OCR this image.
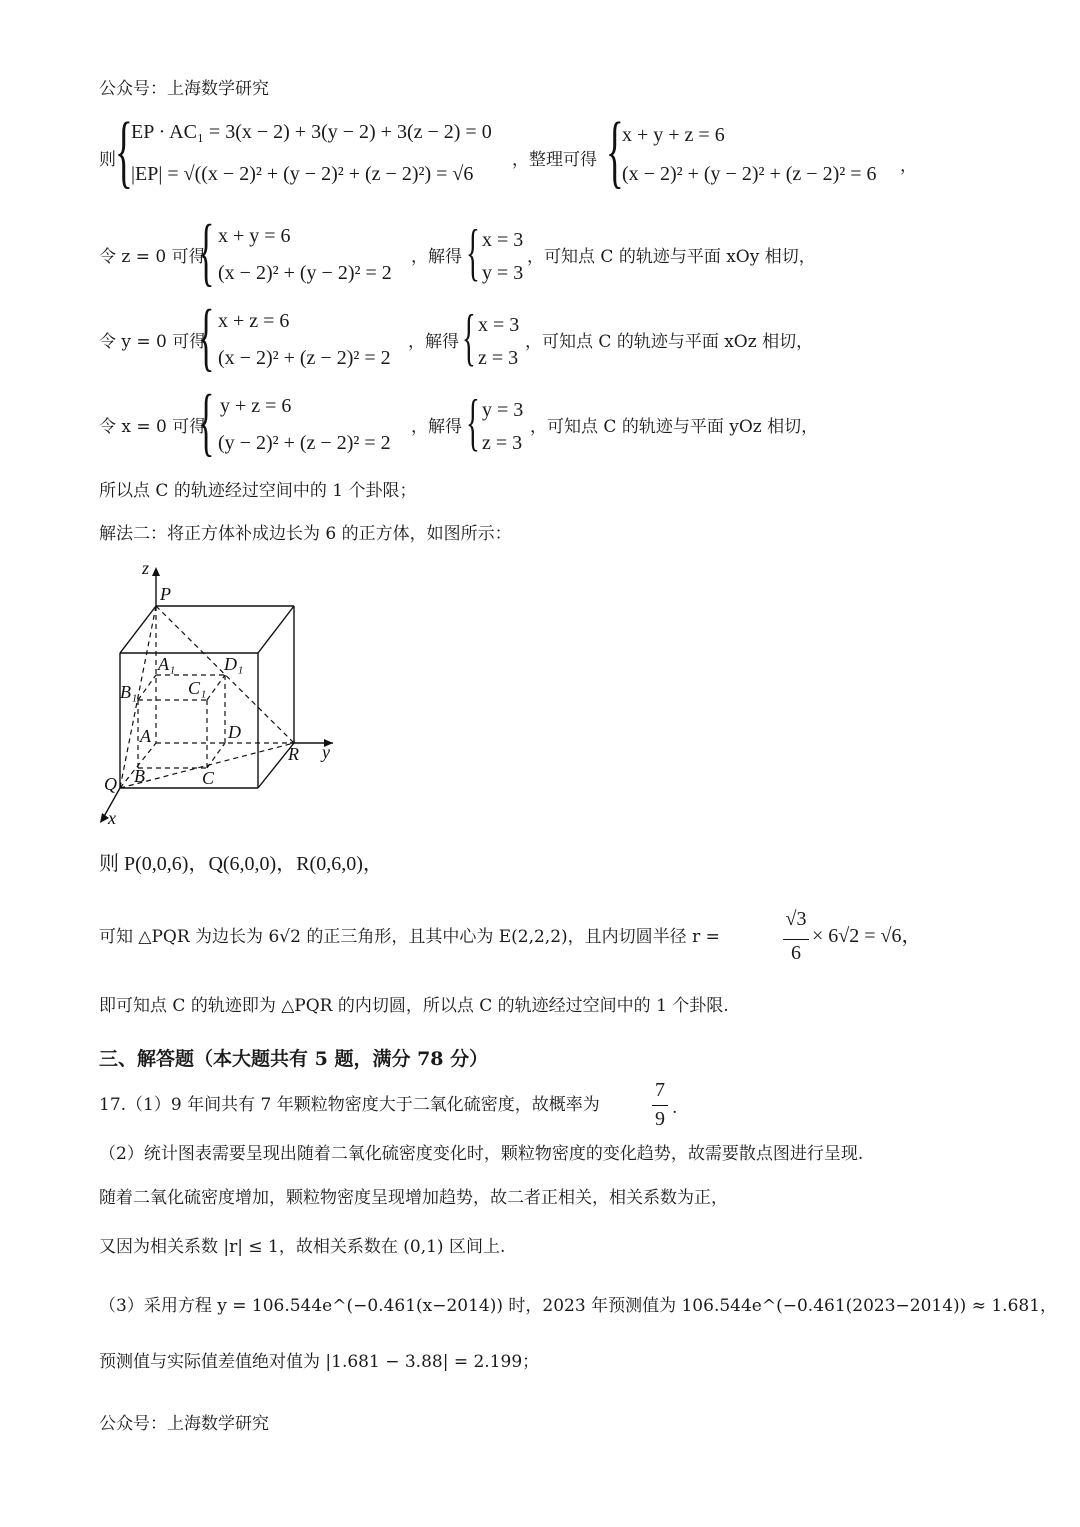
公众号：上海数学研究
则 {
EP · AC₁ = 3(x − 2) + 3(y − 2) + 3(z − 2) = 0
|EP| = √((x − 2)² + (y − 2)² + (z − 2)²) = √6
，整理可得 {
x + y + z = 6
(x − 2)² + (y − 2)² + (z − 2)² = 6 ，
令 z = 0 可得
{ x + y = 6
(x − 2)² + (y − 2)² = 2
，解得 { x = 3
y = 3
，可知点 C 的轨迹与平面 xOy 相切，
令 y = 0 可得
{ x + z = 6
(x − 2)² + (z − 2)² = 2
，解得 { x = 3
z = 3
，可知点 C 的轨迹与平面 xOz 相切，
令 x = 0 可得
{ y + z = 6
(y − 2)² + (z − 2)² = 2
，解得 { y = 3
z = 3
，可知点 C 的轨迹与平面 yOz 相切，
所以点 C 的轨迹经过空间中的 1 个卦限；
解法二：将正方体补成边长为 6 的正方体，如图所示：
z
P
A₁	D₁
B₁	C₁
A	D
R y
Q B	C
x
则 P(0,0,6)，Q(6,0,0)，R(0,6,0)，
可知 △PQR 为边长为 6√2 的正三角形，且其中心为 E(2,2,2)，且内切圆半径 r =
√3
6
× 6√2 = √6，
即可知点 C 的轨迹即为 △PQR 的内切圆，所以点 C 的轨迹经过空间中的 1 个卦限.
三、解答题（本大题共有 5 题，满分 78 分）
17.（1）9 年间共有 7 年颗粒物密度大于二氧化硫密度，故概率为
7
9 .
（2）统计图表需要呈现出随着二氧化硫密度变化时，颗粒物密度的变化趋势，故需要散点图进行呈现.
随着二氧化硫密度增加，颗粒物密度呈现增加趋势，故二者正相关，相关系数为正，
又因为相关系数 |r| ≤ 1，故相关系数在 (0,1) 区间上.
（3）采用方程 y = 106.544e^(−0.461(x−2014)) 时，2023 年预测值为 106.544e^(−0.461(2023−2014)) ≈ 1.681，
预测值与实际值差值绝对值为 |1.681 − 3.88| = 2.199；
公众号：上海数学研究
